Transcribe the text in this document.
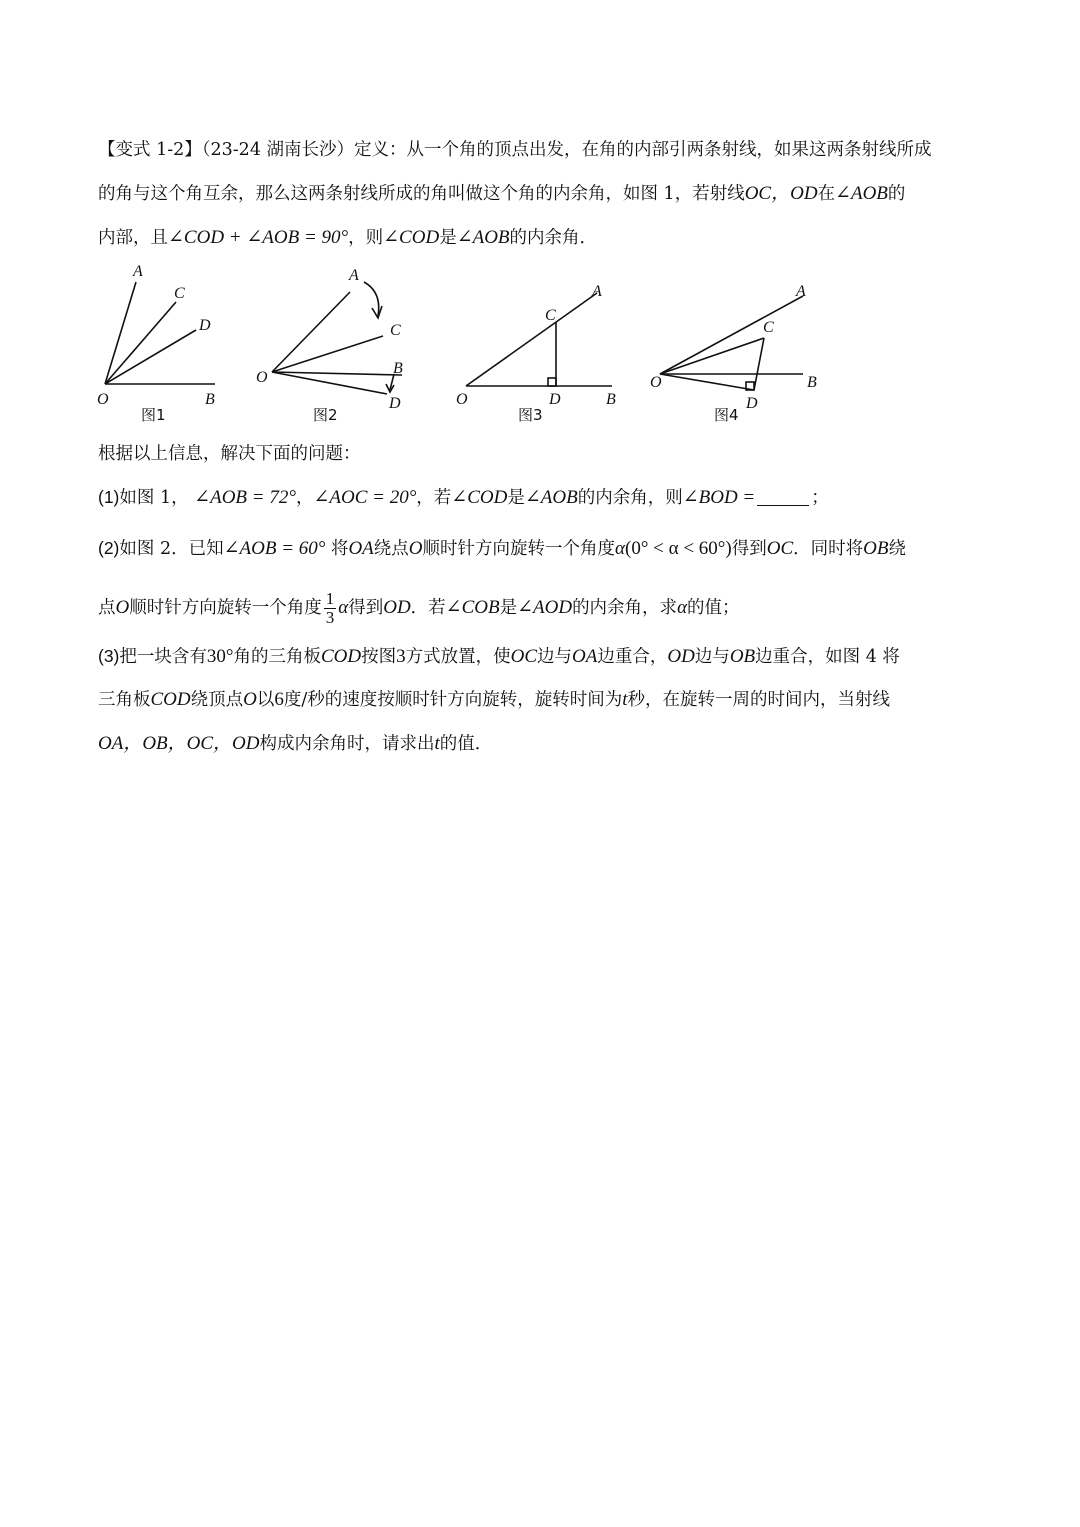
【变式 1-2】（23-24 湖南长沙）定义：从一个角的顶点出发，在角的内部引两条射线，如果这两条射线所成
的角与这个角互余，那么这两条射线所成的角叫做这个角的内余角，如图 1，若射线OC，OD在∠AOB的
内部，且∠COD + ∠AOB = 90°，则∠COD是∠AOB的内余角．
A
C
D
O	B
图1
A
C
B
O
D
图2
A
C
O	D	B
图3
A
C
O	B
D
图4
根据以上信息，解决下面的问题：
(1)如图 1， ∠AOB = 72°，∠AOC = 20°，若∠COD是∠AOB的内余角，则∠BOD =	；
(2)如图 2．已知∠AOB = 60° 将OA绕点O顺时针方向旋转一个角度α(0° < α < 60°)得到OC．同时将OB绕
点O顺时针方向旋转一个角度 $\frac{1}{3}$ α得到OD．若∠COB是∠AOD的内余角，求α的值；
(3)把一块含有30°角的三角板COD按图3方式放置，使OC边与OA边重合，OD边与OB边重合，如图 4 将
三角板COD绕顶点O以6度/秒的速度按顺时针方向旋转，旋转时间为t秒，在旋转一周的时间内，当射线
OA，OB，OC，OD构成内余角时，请求出t的值．
